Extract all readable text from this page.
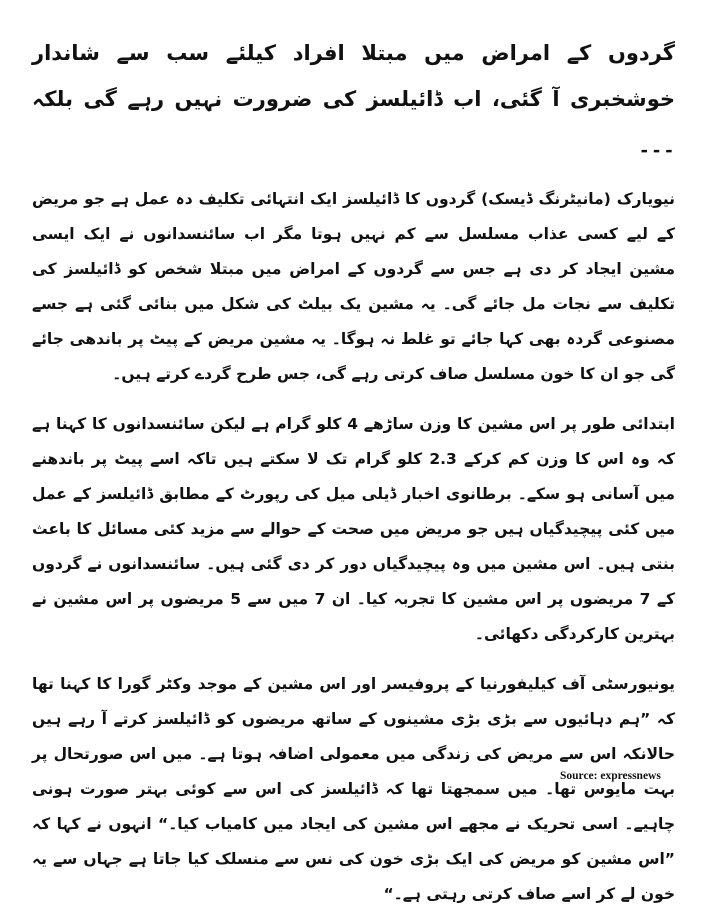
گردوں کے امراض میں مبتلا افراد کیلئے سب سے شاندار خوشخبری آ گئی، اب ڈائیلسز کی ضرورت نہیں رہے گی بلکہ ۔۔۔

نیویارک (مانیٹرنگ ڈیسک) گردوں کا ڈائیلسز ایک انتہائی تکلیف دہ عمل ہے جو مریض کے لیے کسی عذاب مسلسل سے کم نہیں ہوتا مگر اب سائنسدانوں نے ایک ایسی مشین ایجاد کر دی ہے جس سے گردوں کے امراض میں مبتلا شخص کو ڈائیلسز کی تکلیف سے نجات مل جائے گی۔ یہ مشین یک بیلٹ کی شکل میں بنائی گئی ہے جسے مصنوعی گردہ بھی کہا جائے تو غلط نہ ہوگا۔ یہ مشین مریض کے پیٹ پر باندھی جائے گی جو ان کا خون مسلسل صاف کرتی رہے گی، جس طرح گردے کرتے ہیں۔

ابتدائی طور پر اس مشین کا وزن ساڑھے 4 کلو گرام ہے لیکن سائنسدانوں کا کہنا ہے کہ وہ اس کا وزن کم کرکے 2.3 کلو گرام تک لا سکتے ہیں تاکہ اسے پیٹ پر باندھنے میں آسانی ہو سکے۔ برطانوی اخبار ڈیلی میل کی رپورٹ کے مطابق ڈائیلسز کے عمل میں کئی پیچیدگیاں ہیں جو مریض میں صحت کے حوالے سے مزید کئی مسائل کا باعث بنتی ہیں۔ اس مشین میں وہ پیچیدگیاں دور کر دی گئی ہیں۔ سائنسدانوں نے گردوں کے 7 مریضوں پر اس مشین کا تجربہ کیا۔ ان 7 میں سے 5 مریضوں پر اس مشین نے بہترین کارکردگی دکھائی۔

یونیورسٹی آف کیلیفورنیا کے پروفیسر اور اس مشین کے موجد وکٹر گورا کا کہنا تھا کہ ”ہم دہائیوں سے بڑی بڑی مشینوں کے ساتھ مریضوں کو ڈائیلسز کرتے آ رہے ہیں حالانکہ اس سے مریض کی زندگی میں معمولی اضافہ ہوتا ہے۔ میں اس صورتحال پر بہت مایوس تھا۔ میں سمجھتا تھا کہ ڈائیلسز کی اس سے کوئی بہتر صورت ہونی چاہیے۔ اسی تحریک نے مجھے اس مشین کی ایجاد میں کامیاب کیا۔“ انہوں نے کہا کہ ”اس مشین کو مریض کی ایک بڑی خون کی نس سے منسلک کیا جاتا ہے جہاں سے یہ خون لے کر اسے صاف کرتی رہتی ہے۔“

Source: expressnews
